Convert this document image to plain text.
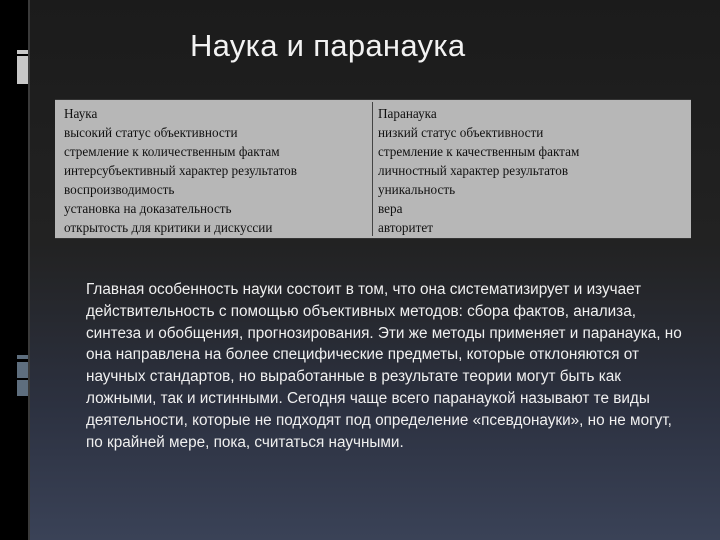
Наука и паранаука
Наука
высокий статус объективности
стремление к количественным фактам
интерсубъективный характер результатов
воспроизводимость
установка на доказательность
открытость для критики и дискуссии
Паранаука
низкий статус объективности
стремление к качественным фактам
личностный характер результатов
уникальность
вера
авторитет

Главная особенность науки состоит в том, что она систематизирует и изучает действительность с помощью объективных методов: сбора фактов, анализа, синтеза и обобщения, прогнозирования. Эти же методы применяет и паранаука, но она направлена на более специфические предметы, которые отклоняются от научных стандартов, но выработанные в результате теории могут быть как ложными, так и истинными. Сегодня чаще всего паранаукой называют те виды деятельности, которые не подходят под определение «псевдонауки», но не могут, по крайней мере, пока, считаться научными.
